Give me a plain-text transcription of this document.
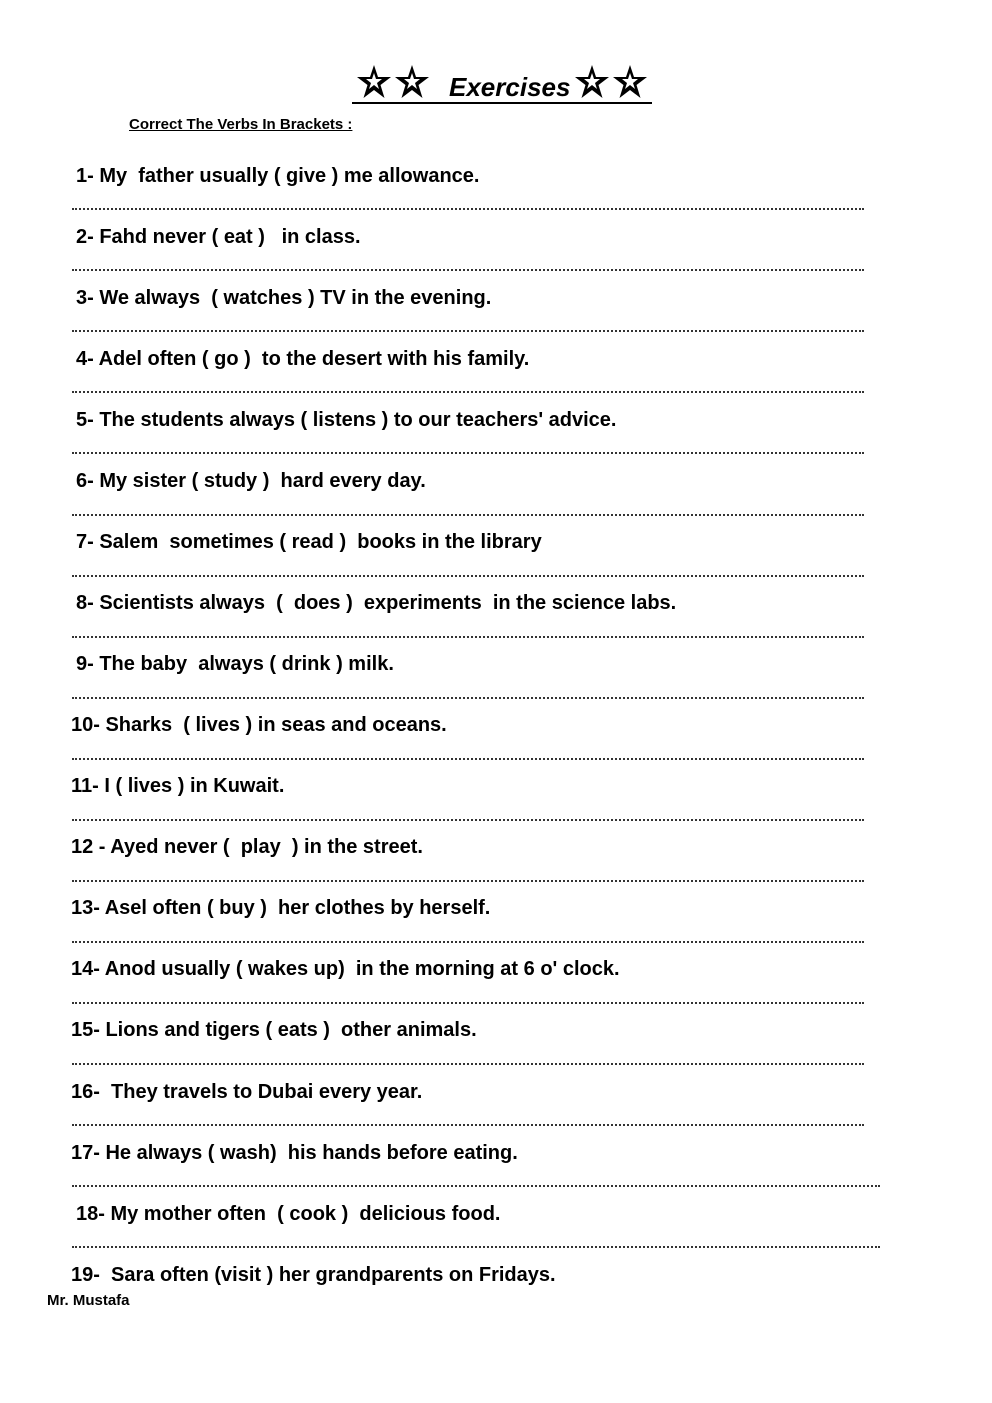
Exercises
Correct The Verbs In Brackets :
1- My  father usually ( give ) me allowance.
2- Fahd never ( eat )   in class.
3- We always  ( watches ) TV in the evening.
4- Adel often ( go )  to the desert with his family.
5- The students always ( listens ) to our teachers' advice.
6- My sister ( study )  hard every day.
7- Salem  sometimes ( read )  books in the library
8- Scientists always  (  does )  experiments  in the science labs.
9- The baby  always ( drink ) milk.
10- Sharks  ( lives ) in seas and oceans.
11- I ( lives ) in Kuwait.
12 - Ayed never (  play  ) in the street.
13- Asel often ( buy )  her clothes by herself.
14- Anod usually ( wakes up)  in the morning at 6 o' clock.
15- Lions and tigers ( eats )  other animals.
16-  They travels to Dubai every year.
17- He always ( wash)  his hands before eating.
18- My mother often  ( cook )  delicious food.
19-  Sara often (visit ) her grandparents on Fridays.
Mr. Mustafa
